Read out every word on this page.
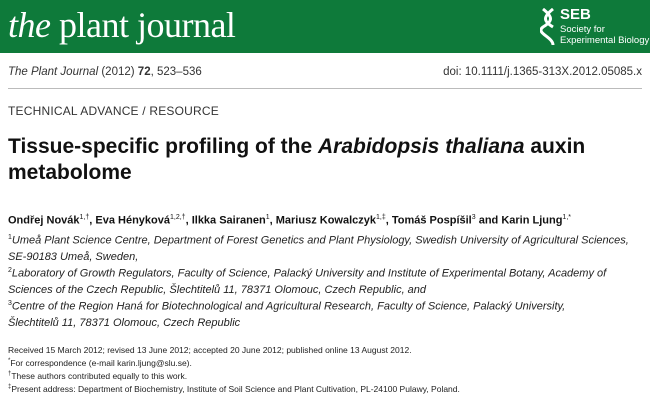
the plant journal	SEB
Society for
Experimental Biology
The Plant Journal (2012) 72, 523–536	doi: 10.1111/j.1365-313X.2012.05085.x
TECHNICAL ADVANCE / RESOURCE
Tissue-specific profiling of the Arabidopsis thaliana auxin metabolome
Ondřej Novák$^{1,\dagger}$, Eva Hényková$^{1,2,\dagger}$, Ilkka Sairanen$^1$, Mariusz Kowalczyk$^{1,\ddagger}$, Tomáš Pospíšil$^3$ and Karin Ljung$^{1,*}$
$^1$Umeå Plant Science Centre, Department of Forest Genetics and Plant Physiology, Swedish University of Agricultural Sciences,
SE-90183 Umeå, Sweden,
$^2$Laboratory of Growth Regulators, Faculty of Science, Palacký University and Institute of Experimental Botany, Academy of
Sciences of the Czech Republic, Šlechtitelů 11, 78371 Olomouc, Czech Republic, and
$^3$Centre of the Region Haná for Biotechnological and Agricultural Research, Faculty of Science, Palacký University,
Šlechtitelů 11, 78371 Olomouc, Czech Republic
Received 15 March 2012; revised 13 June 2012; accepted 20 June 2012; published online 13 August 2012.
*For correspondence (e-mail karin.ljung@slu.se).
†These authors contributed equally to this work.
‡Present address: Department of Biochemistry, Institute of Soil Science and Plant Cultivation, PL-24100 Pulawy, Poland.
